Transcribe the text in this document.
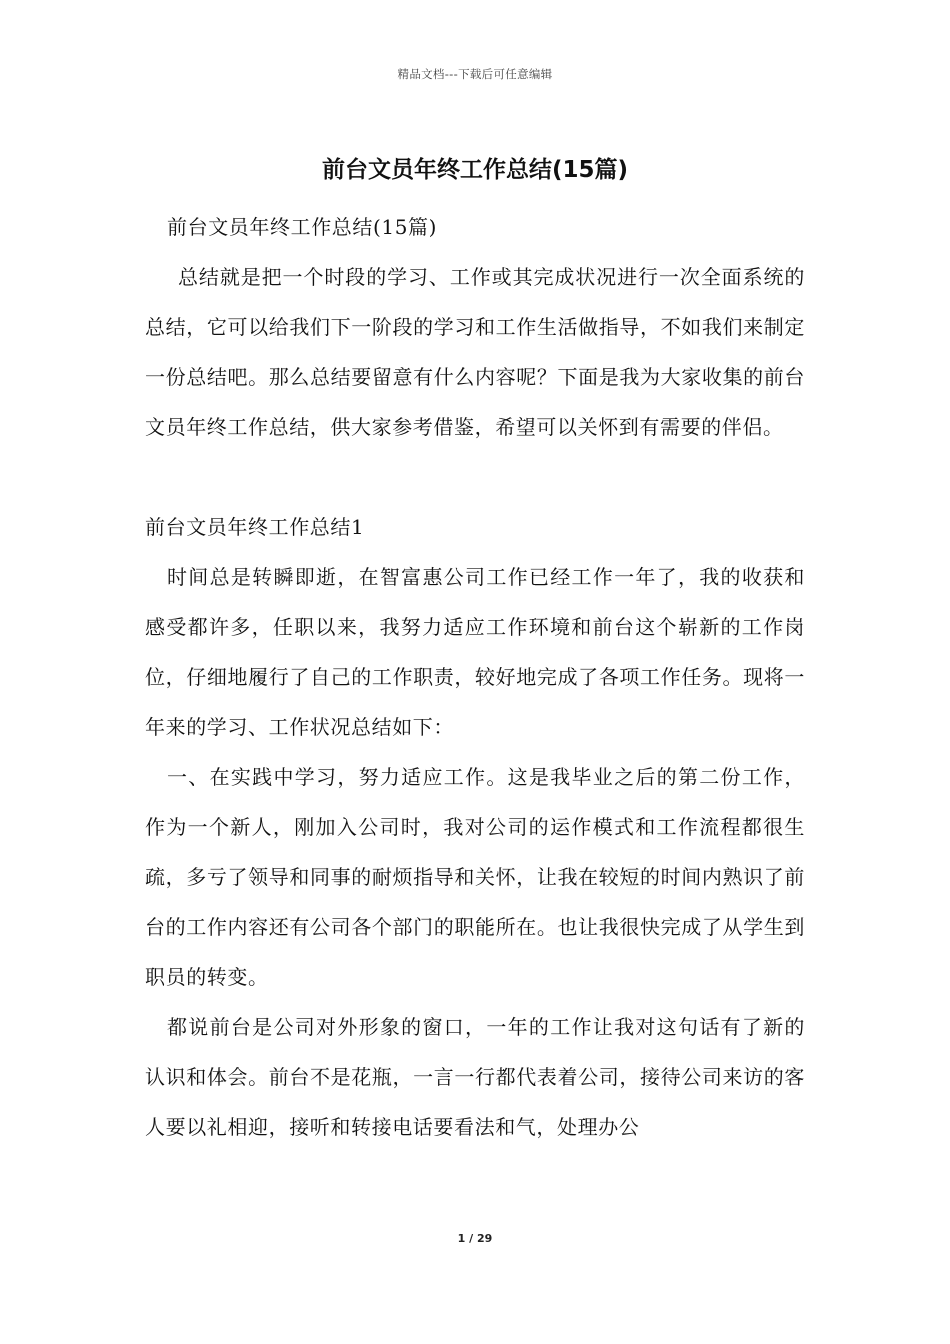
精品文档---下载后可任意编辑
前台文员年终工作总结(15篇)

前台文员年终工作总结(15篇)

总结就是把一个时段的学习、工作或其完成状况进行一次全面系统的总结，它可以给我们下一阶段的学习和工作生活做指导，不如我们来制定一份总结吧。那么总结要留意有什么内容呢？下面是我为大家收集的前台文员年终工作总结，供大家参考借鉴，希望可以关怀到有需要的伴侣。

前台文员年终工作总结1

时间总是转瞬即逝，在智富惠公司工作已经工作一年了，我的收获和感受都许多，任职以来，我努力适应工作环境和前台这个崭新的工作岗位，仔细地履行了自己的工作职责，较好地完成了各项工作任务。现将一年来的学习、工作状况总结如下：

一、在实践中学习，努力适应工作。这是我毕业之后的第二份工作，作为一个新人，刚加入公司时，我对公司的运作模式和工作流程都很生疏，多亏了领导和同事的耐烦指导和关怀，让我在较短的时间内熟识了前台的工作内容还有公司各个部门的职能所在。也让我很快完成了从学生到职员的转变。

都说前台是公司对外形象的窗口，一年的工作让我对这句话有了新的认识和体会。前台不是花瓶，一言一行都代表着公司，接待公司来访的客人要以礼相迎，接听和转接电话要看法和气，处理办公

1 / 29
